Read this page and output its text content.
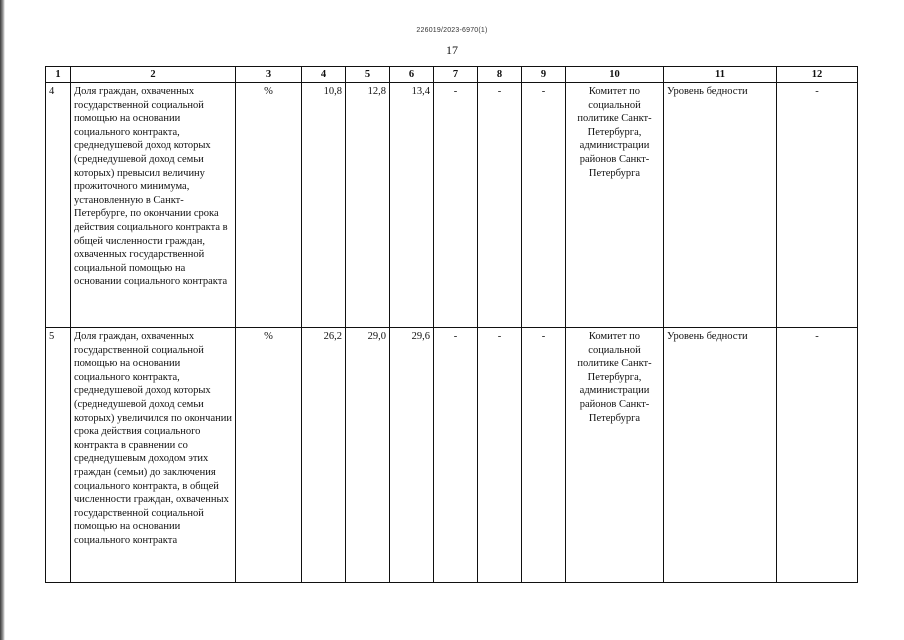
226019/2023-6970(1)
17
1	2	3	4	5	6	7	8	9	10	11	12
4	Доля граждан, охваченных государственной социальной помощью на основании социального контракта, среднедушевой доход которых (среднедушевой доход семьи которых) превысил величину прожиточного минимума, установленную в Санкт-Петербурге, по окончании срока действия социального контракта в общей численности граждан, охваченных государственной социальной помощью на основании социального контракта	%	10,8	12,8	13,4	-	-	-	Комитет по социальной политике Санкт-Петербурга, администрации районов Санкт-Петербурга	Уровень бедности	-
5	Доля граждан, охваченных государственной социальной помощью на основании социального контракта, среднедушевой доход которых (среднедушевой доход семьи которых) увеличился по окончании срока действия социального контракта в сравнении со среднедушевым доходом этих граждан (семьи) до заключения социального контракта, в общей численности граждан, охваченных государственной социальной помощью на основании социального контракта	%	26,2	29,0	29,6	-	-	-	Комитет по социальной политике Санкт-Петербурга, администрации районов Санкт-Петербурга	Уровень бедности	-
